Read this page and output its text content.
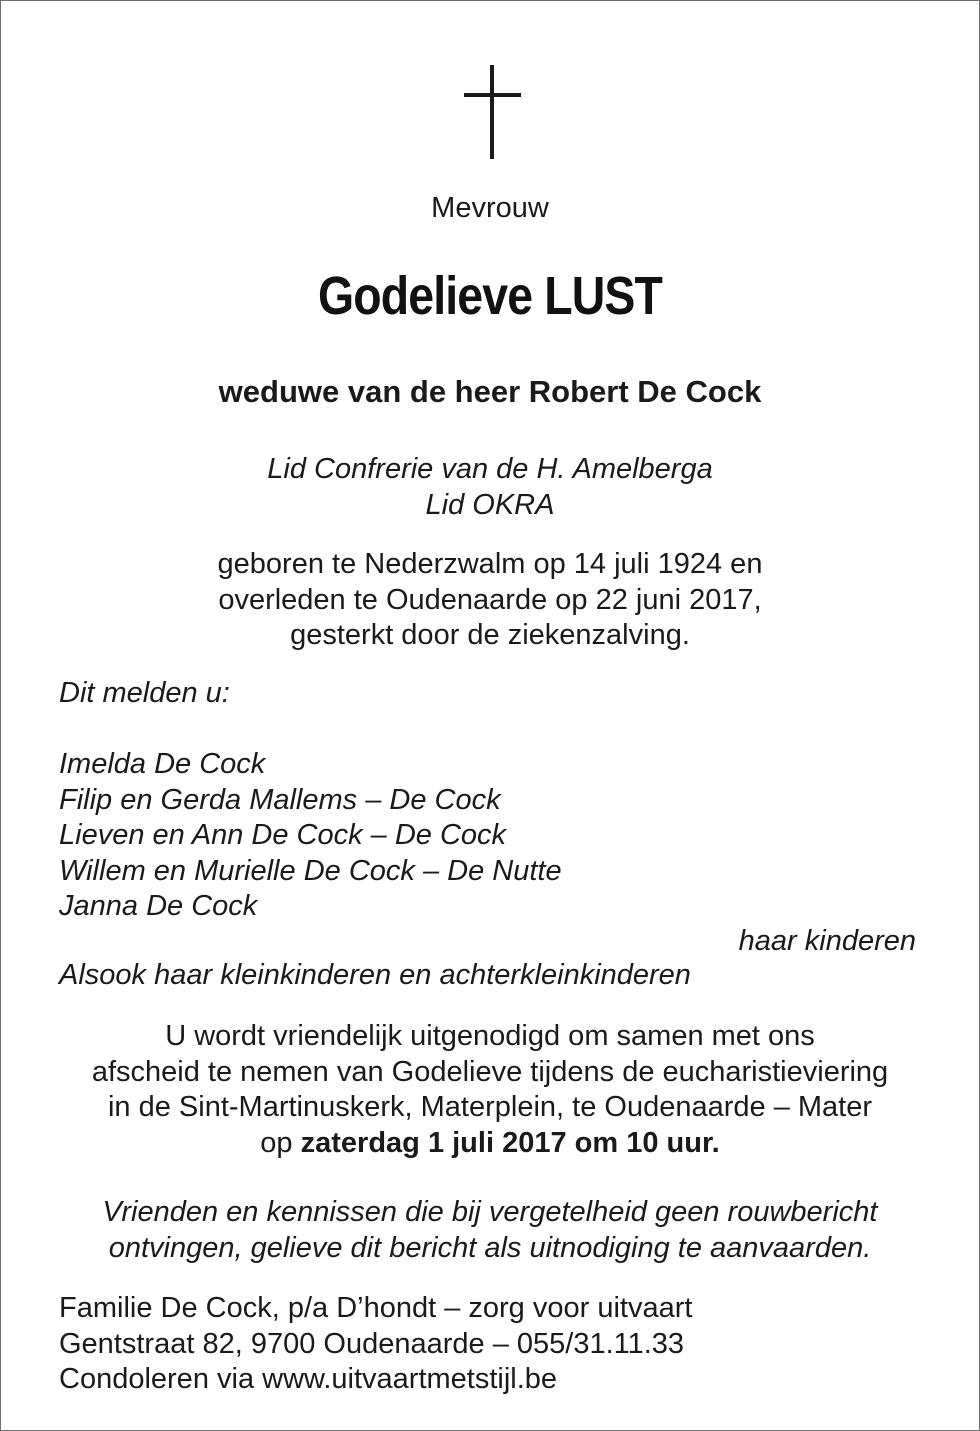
Mevrouw
Godelieve LUST
weduwe van de heer Robert De Cock
Lid Confrerie van de H. Amelberga
Lid OKRA
geboren te Nederzwalm op 14 juli 1924 en
overleden te Oudenaarde op 22 juni 2017,
gesterkt door de ziekenzalving.
Dit melden u:
Imelda De Cock
Filip en Gerda Mallems – De Cock
Lieven en Ann De Cock – De Cock
Willem en Murielle De Cock – De Nutte
Janna De Cock
haar kinderen
Alsook haar kleinkinderen en achterkleinkinderen
U wordt vriendelijk uitgenodigd om samen met ons
afscheid te nemen van Godelieve tijdens de eucharistieviering
in de Sint-Martinuskerk, Materplein, te Oudenaarde – Mater
op zaterdag 1 juli 2017 om 10 uur.
Vrienden en kennissen die bij vergetelheid geen rouwbericht
ontvingen, gelieve dit bericht als uitnodiging te aanvaarden.
Familie De Cock, p/a D’hondt – zorg voor uitvaart
Gentstraat 82, 9700 Oudenaarde – 055/31.11.33
Condoleren via www.uitvaartmetstijl.be
